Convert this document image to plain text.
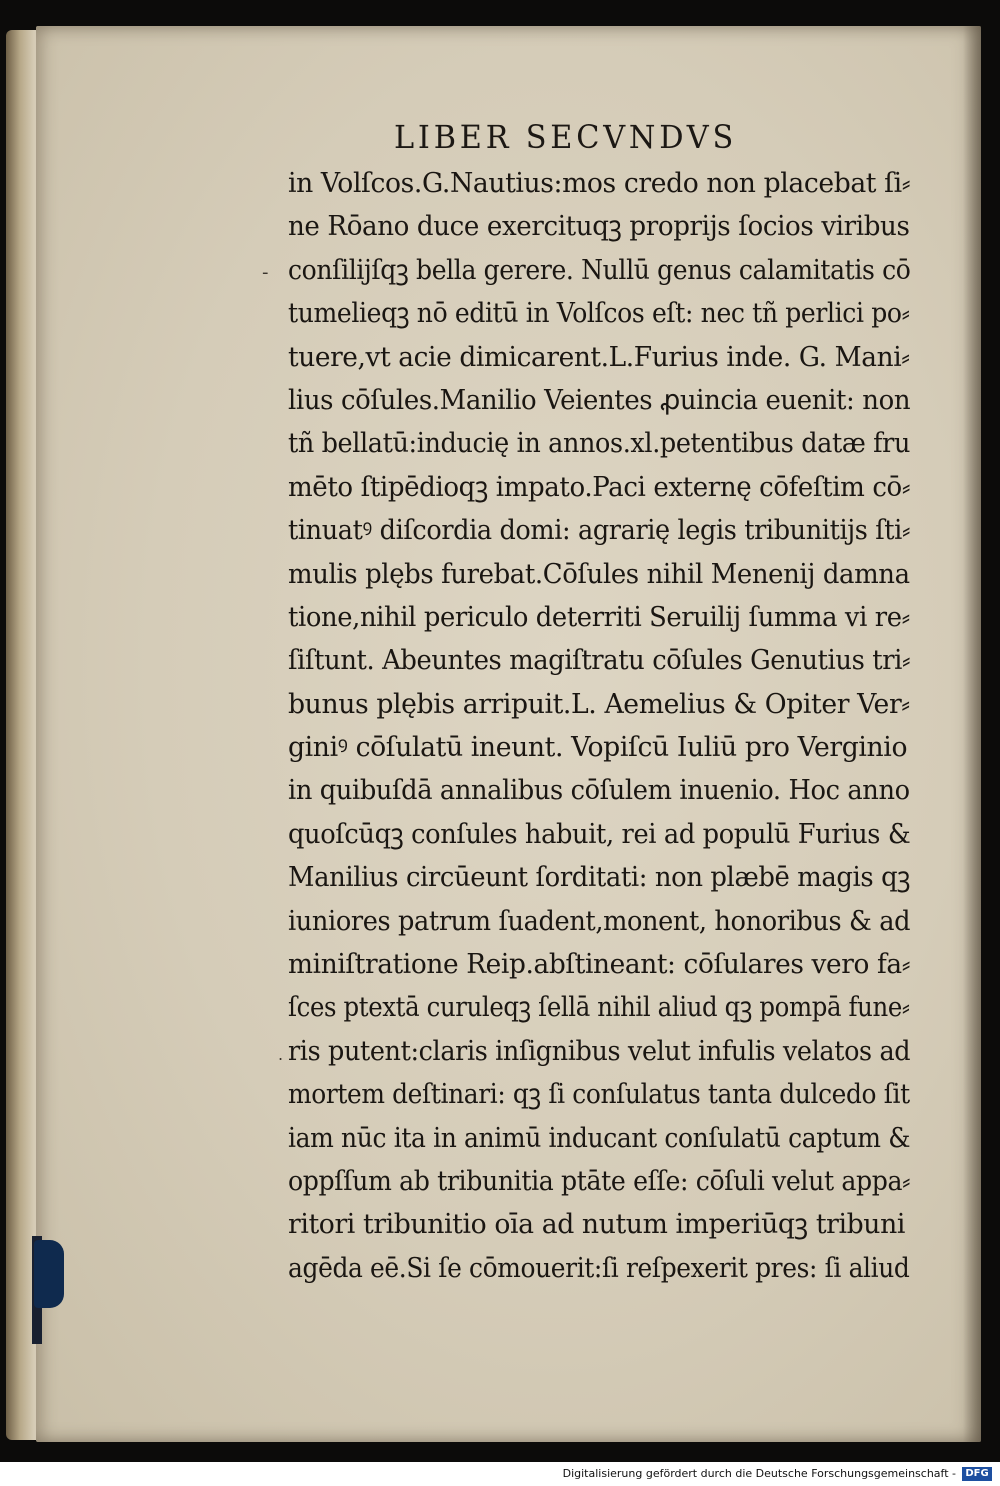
LIBER SECVNDVS
in Volſcos.G.Nautius:mos credo non placebat ſi⸗
ne Rōano duce exercituqꝫ proprijs ſocios viribus
conſilijſqꝫ bella gerere. Nullū genus calamitatis cō
tumelieqꝫ nō editū in Volſcos eſt: nec tñ perlici po⸗
tuere,vt acie dimicarent.L.Furius inde. G. Mani⸗
lius cōſules.Manilio Veientes ꝓuincia euenit: non
tñ bellatū:inducię in annos.xl.petentibus datæ fru
mēto ſtipēdioqꝫ impato.Paci externę cōfeſtim cō⸗
tinuatꝰ diſcordia domi: agrarię legis tribunitijs ſti⸗
mulis plębs furebat.Cōſules nihil Menenij damna
tione,nihil periculo deterriti Seruilij ſumma vi re⸗
ſiſtunt. Abeuntes magiſtratu cōſules Genutius tri⸗
bunus plębis arripuit.L. Aemelius & Opiter Ver⸗
giniꝰ cōſulatū ineunt. Vopiſcū Iuliū pro Verginio
in quibuſdā annalibus cōſulem inuenio. Hoc anno
quoſcūqꝫ conſules habuit, rei ad populū Furius &
Manilius circūeunt ſorditati: non plæbē magis qꝫ
iuniores patrum ſuadent,monent, honoribus & ad
miniſtratione Reip.abſtineant: cōſulares vero fa⸗
ſces ptextā curuleqꝫ ſellā nihil aliud qꝫ pompā fune⸗
ris putent:claris inſignibus velut infulis velatos ad
mortem deſtinari: qꝫ ſi conſulatus tanta dulcedo ſit
iam nūc ita in animū inducant conſulatū captum &
oppſſum ab tribunitia ptāte eſſe: cōſuli velut appa⸗
ritori tribunitio oīa ad nutum imperiūqꝫ tribuni
agēda eē.Si ſe cōmouerit:ſi reſpexerit pres: ſi aliud
-
.
Digitalisierung gefördert durch die Deutsche Forschungsgemeinschaft - DFG
